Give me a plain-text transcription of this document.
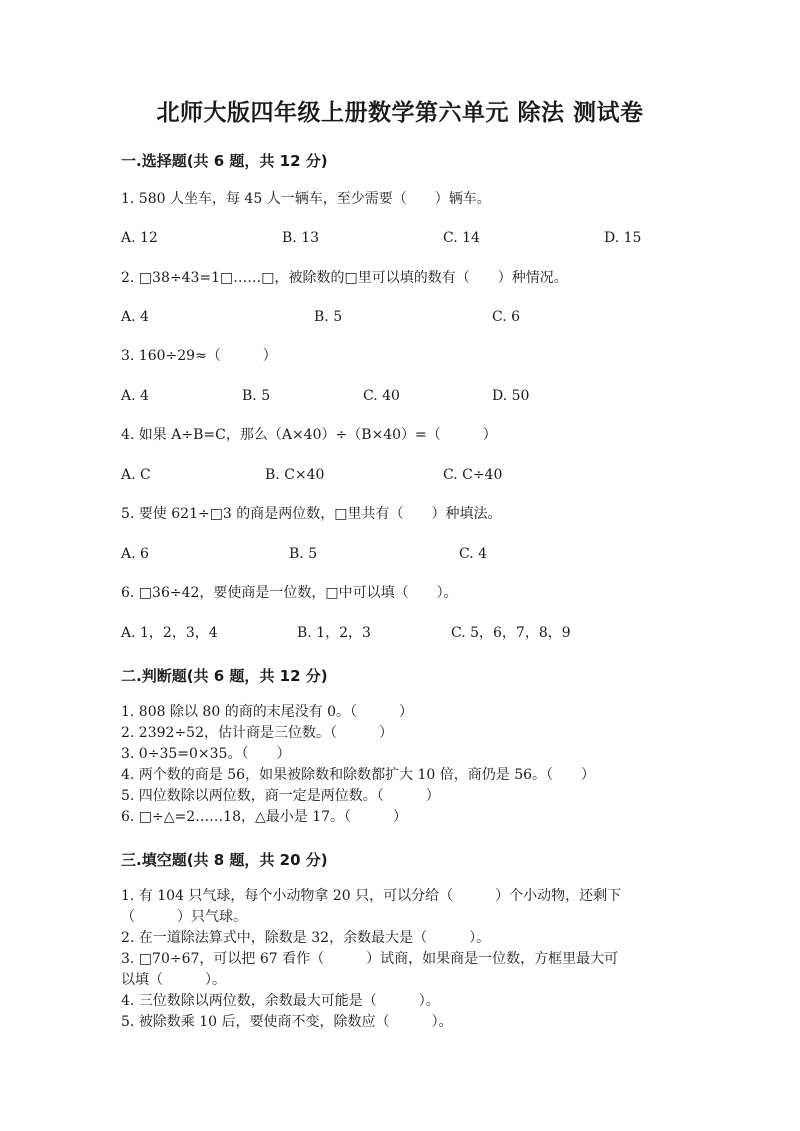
北师大版四年级上册数学第六单元 除法 测试卷
一.选择题(共 6 题，共 12 分)
1. 580 人坐车，每 45 人一辆车，至少需要（　　）辆车。
A. 12	B. 13	C. 14	D. 15
2. □38÷43=1□……□，被除数的□里可以填的数有（　　）种情况。
A. 4	B. 5	C. 6
3. 160÷29≈（　　　）
A. 4	B. 5	C. 40	D. 50
4. 如果 A÷B=C，那么（A×40）÷（B×40）=（　　　）
A. C	B. C×40	C. C÷40
5. 要使 621÷□3 的商是两位数，□里共有（　　）种填法。
A. 6	B. 5	C. 4
6. □36÷42，要使商是一位数，□中可以填（　　）。
A. 1，2，3，4	B. 1，2，3	C. 5，6，7，8，9
二.判断题(共 6 题，共 12 分)
1. 808 除以 80 的商的末尾没有 0。（　　　）
2. 2392÷52，估计商是三位数。（　　　）
3. 0÷35=0×35。（　　）
4. 两个数的商是 56，如果被除数和除数都扩大 10 倍，商仍是 56。（　　）
5. 四位数除以两位数，商一定是两位数。（　　　）
6. □÷△=2……18，△最小是 17。（　　　）
三.填空题(共 8 题，共 20 分)
1. 有 104 只气球，每个小动物拿 20 只，可以分给（　　　）个小动物，还剩下
（　　　）只气球。
2. 在一道除法算式中，除数是 32，余数最大是（　　　）。
3. □70÷67，可以把 67 看作（　　　）试商，如果商是一位数，方框里最大可
以填（　　　）。
4. 三位数除以两位数，余数最大可能是（　　　）。
5. 被除数乘 10 后，要使商不变，除数应（　　　）。
